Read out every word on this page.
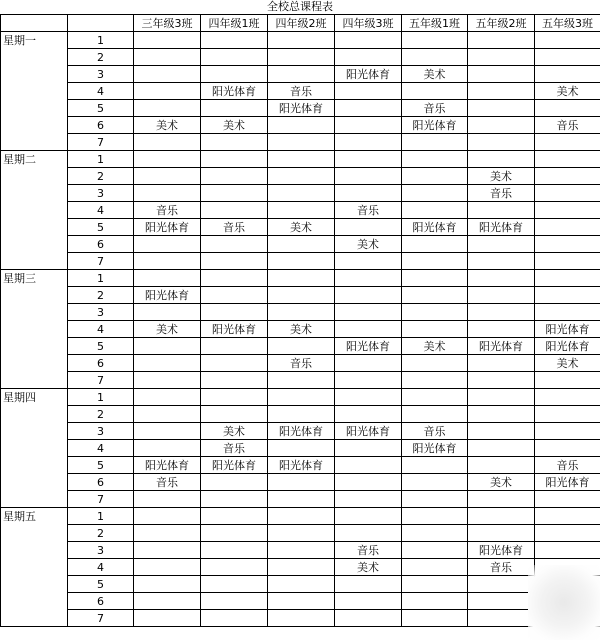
全校总课程表
		三年级3班	四年级1班	四年级2班	四年级3班	五年级1班	五年级2班	五年级3班
星期一	1							
	2							
	3				阳光体育	美术		
	4		阳光体育	音乐				美术
	5			阳光体育		音乐		
	6	美术	美术			阳光体育		音乐
	7							
星期二	1							
	2						美术	
	3						音乐	
	4	音乐			音乐			
	5	阳光体育	音乐	美术		阳光体育	阳光体育	
	6				美术			
	7							
星期三	1							
	2	阳光体育						
	3							
	4	美术	阳光体育	美术				阳光体育
	5				阳光体育	美术	阳光体育	阳光体育
	6			音乐				美术
	7							
星期四	1							
	2							
	3		美术	阳光体育	阳光体育	音乐		
	4		音乐			阳光体育		
	5	阳光体育	阳光体育	阳光体育				音乐
	6	音乐					美术	阳光体育
	7							
星期五	1							
	2							
	3				音乐		阳光体育	
	4				美术		音乐	
	5							
	6							
	7							
